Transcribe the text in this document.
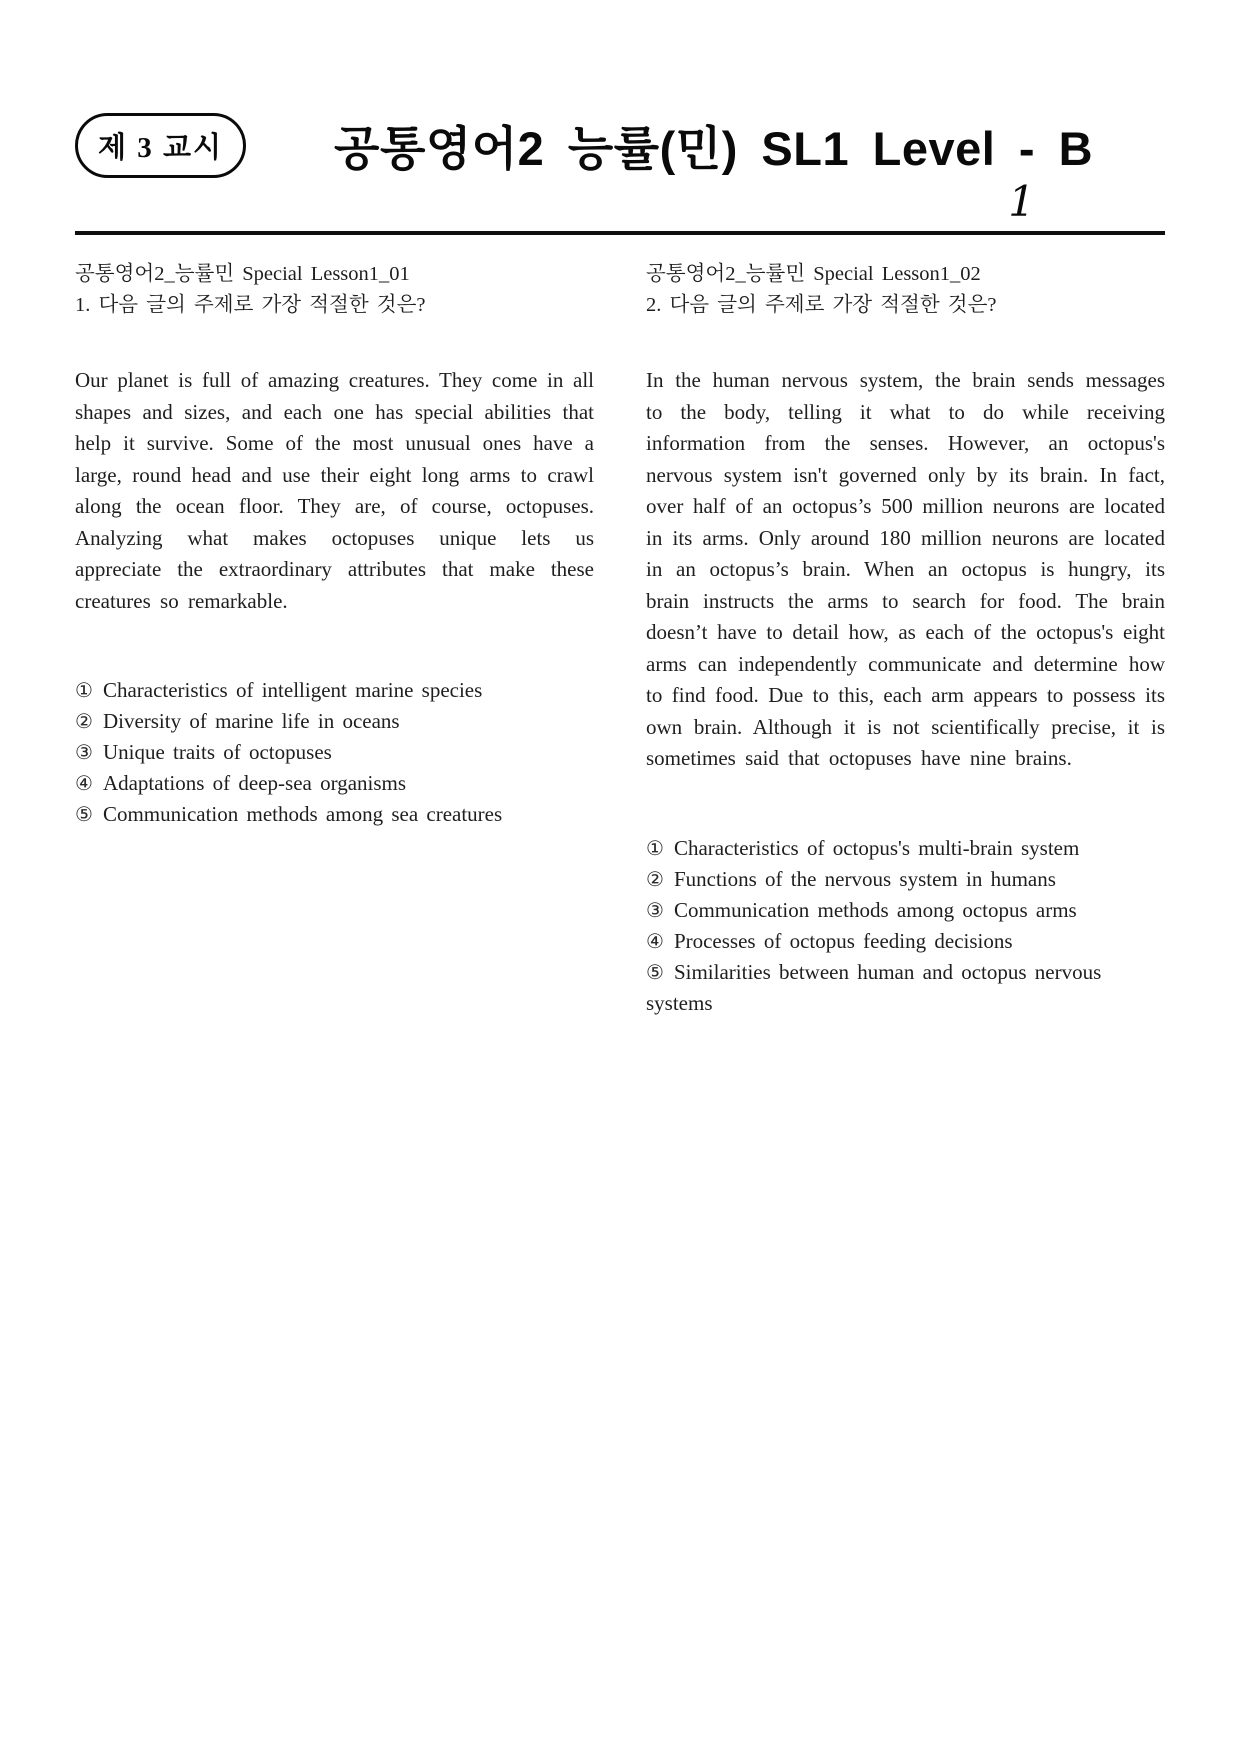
제 3 교시	공통영어2 능률(민) SL1 Level - B
1
공통영어2_능률민 Special Lesson1_01
1. 다음 글의 주제로 가장 적절한 것은?

Our planet is full of amazing creatures. They come in all shapes and sizes, and each one has special abilities that help it survive. Some of the most unusual ones have a large, round head and use their eight long arms to crawl along the ocean floor. They are, of course, octopuses. Analyzing what makes octopuses unique lets us appreciate the extraordinary attributes that make these creatures so remarkable.

① Characteristics of intelligent marine species
② Diversity of marine life in oceans
③ Unique traits of octopuses
④ Adaptations of deep-sea organisms
⑤ Communication methods among sea creatures
공통영어2_능률민 Special Lesson1_02
2. 다음 글의 주제로 가장 적절한 것은?

In the human nervous system, the brain sends messages to the body, telling it what to do while receiving information from the senses. However, an octopus's nervous system isn't governed only by its brain. In fact, over half of an octopus’s 500 million neurons are located in its arms. Only around 180 million neurons are located in an octopus’s brain. When an octopus is hungry, its brain instructs the arms to search for food. The brain doesn’t have to detail how, as each of the octopus's eight arms can independently communicate and determine how to find food. Due to this, each arm appears to possess its own brain. Although it is not scientifically precise, it is sometimes said that octopuses have nine brains.

① Characteristics of octopus's multi-brain system
② Functions of the nervous system in humans
③ Communication methods among octopus arms
④ Processes of octopus feeding decisions
⑤ Similarities between human and octopus nervous systems
